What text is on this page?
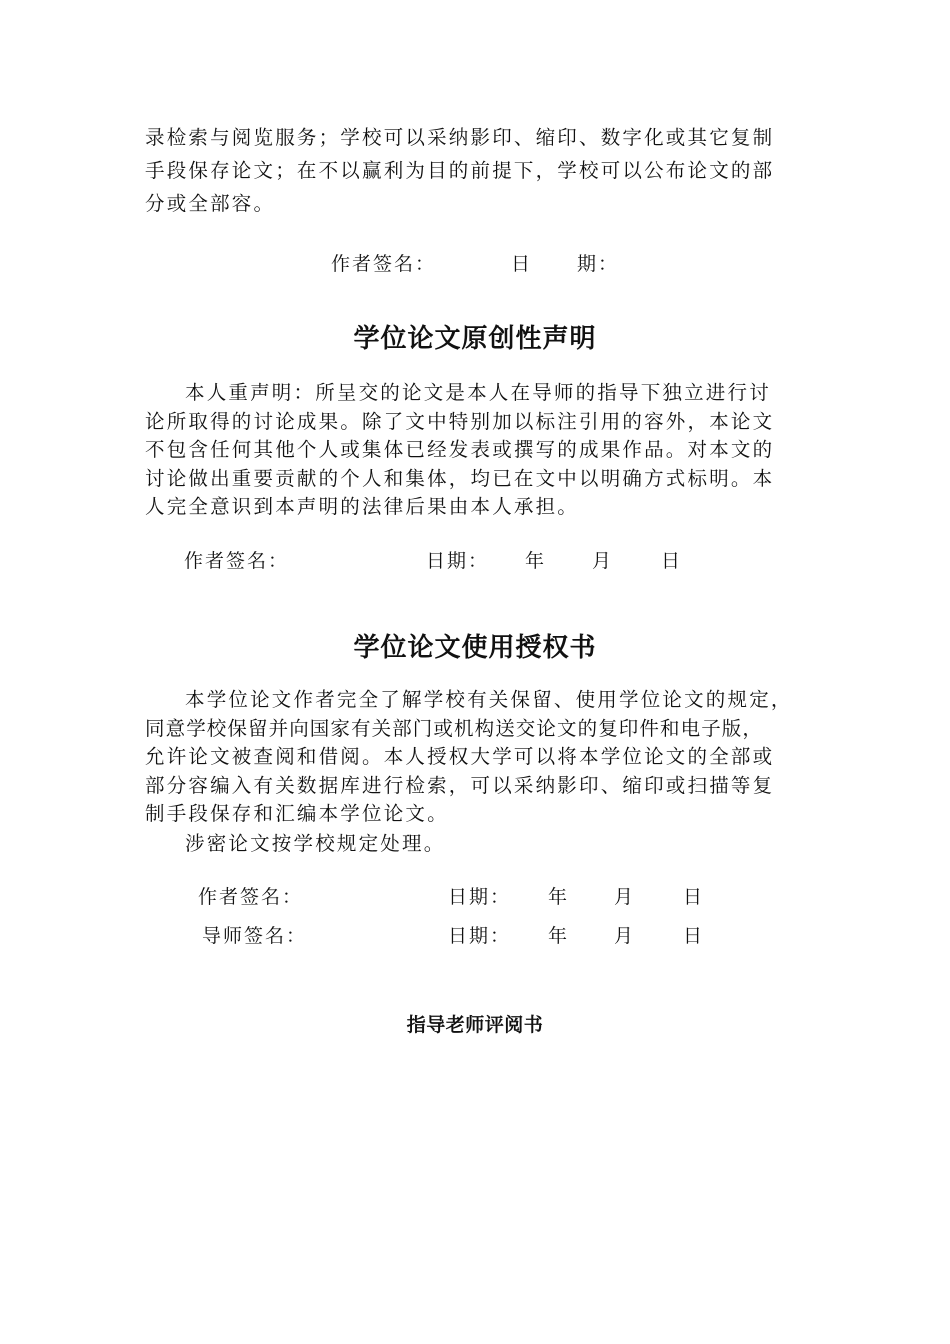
录检索与阅览服务；学校可以采纳影印、缩印、数字化或其它复制
手段保存论文；在不以赢利为目的前提下，学校可以公布论文的部
分或全部容。
作者签名：	日 期：
学位论文原创性声明
本人重声明：所呈交的论文是本人在导师的指导下独立进行讨
论所取得的讨论成果。除了文中特别加以标注引用的容外，本论文
不包含任何其他个人或集体已经发表或撰写的成果作品。对本文的
讨论做出重要贡献的个人和集体，均已在文中以明确方式标明。本
人完全意识到本声明的法律后果由本人承担。
作者签名：	日期： 年 月	日
学位论文使用授权书
本学位论文作者完全了解学校有关保留、使用学位论文的规定，
同意学校保留并向国家有关部门或机构送交论文的复印件和电子版，
允许论文被查阅和借阅。本人授权大学可以将本学位论文的全部或
部分容编入有关数据库进行检索，可以采纳影印、缩印或扫描等复
制手段保存和汇编本学位论文。
涉密论文按学校规定处理。
作者签名：	日期： 年 月	日
导师签名：	日期： 年 月	日
指导老师评阅书
